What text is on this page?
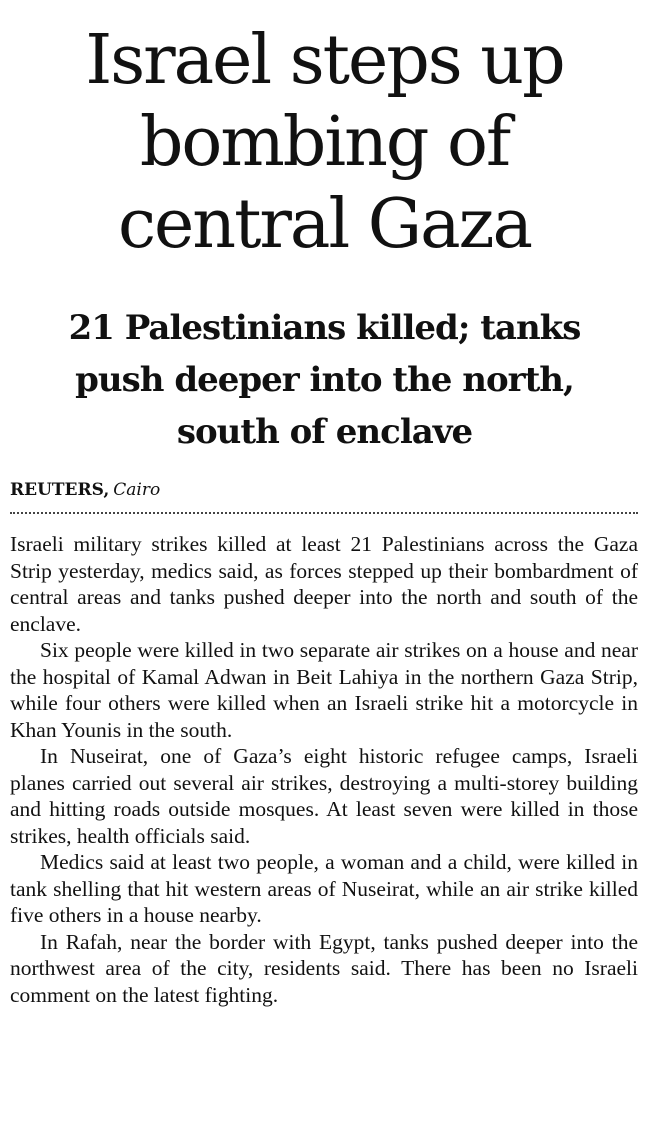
Israel steps up
bombing of
central Gaza
21 Palestinians killed; tanks
push deeper into the north,
south of enclave
REUTERS, Cairo

Israeli military strikes killed at least 21 Palestinians across the Gaza Strip yesterday, medics said, as forces stepped up their bombardment of central areas and tanks pushed deeper into the north and south of the enclave.

Six people were killed in two separate air strikes on a house and near the hospital of Kamal Adwan in Beit Lahiya in the northern Gaza Strip, while four others were killed when an Israeli strike hit a motorcycle in Khan Younis in the south.

In Nuseirat, one of Gaza’s eight historic refugee camps, Israeli planes carried out several air strikes, destroying a multi-storey building and hitting roads outside mosques. At least seven were killed in those strikes, health officials said.

Medics said at least two people, a woman and a child, were killed in tank shelling that hit western areas of Nuseirat, while an air strike killed five others in a house nearby.

In Rafah, near the border with Egypt, tanks pushed deeper into the northwest area of the city, residents said. There has been no Israeli comment on the latest fighting.
